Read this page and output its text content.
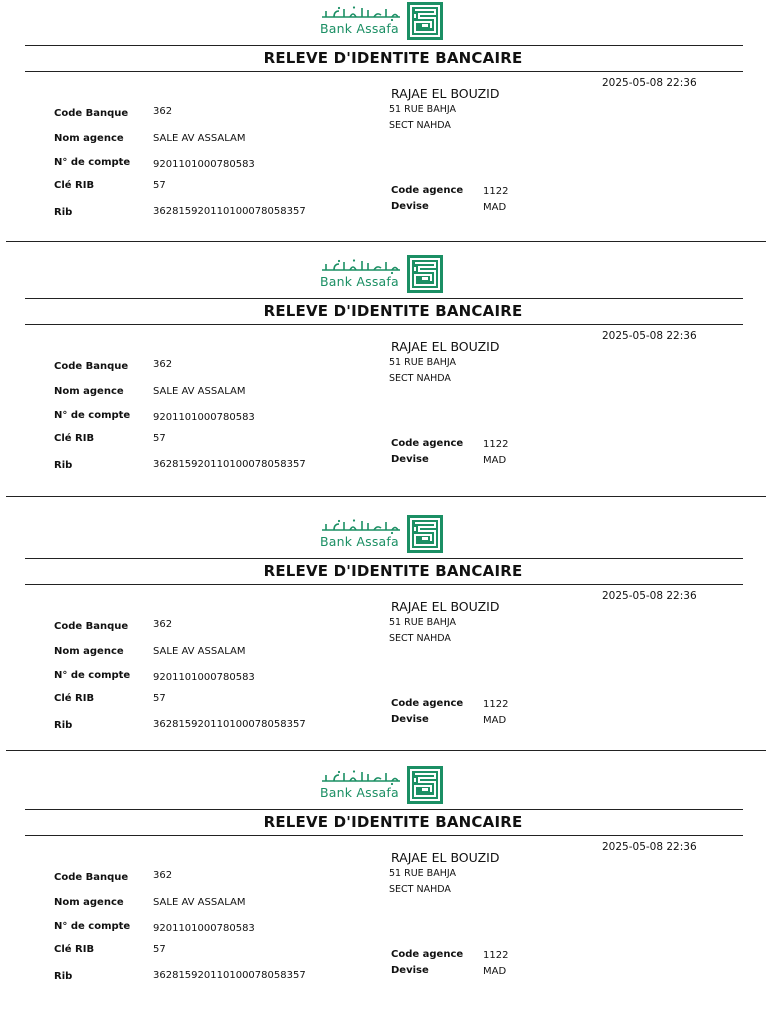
Bank Assafa
RELEVE D'IDENTITE BANCAIRE
2025-05-08 22:36
RAJAE EL BOUZID
51 RUE BAHJA
SECT NAHDA
Code Banque 362
Nom agence	SALE AV ASSALAM
N° de compte 9201101000780583
Clé RIB	57
Rib	362815920110100078058357
Code agence 1122
Devise	MAD
Bank Assafa
RELEVE D'IDENTITE BANCAIRE
2025-05-08 22:36
RAJAE EL BOUZID
51 RUE BAHJA
SECT NAHDA
Code Banque 362
Nom agence	SALE AV ASSALAM
N° de compte 9201101000780583
Clé RIB	57
Rib	362815920110100078058357
Code agence 1122
Devise	MAD
Bank Assafa
RELEVE D'IDENTITE BANCAIRE
2025-05-08 22:36
RAJAE EL BOUZID
51 RUE BAHJA
SECT NAHDA
Code Banque 362
Nom agence	SALE AV ASSALAM
N° de compte 9201101000780583
Clé RIB	57
Rib	362815920110100078058357
Code agence 1122
Devise	MAD
Bank Assafa
RELEVE D'IDENTITE BANCAIRE
2025-05-08 22:36
RAJAE EL BOUZID
51 RUE BAHJA
SECT NAHDA
Code Banque 362
Nom agence	SALE AV ASSALAM
N° de compte 9201101000780583
Clé RIB	57
Rib	362815920110100078058357
Code agence 1122
Devise	MAD
